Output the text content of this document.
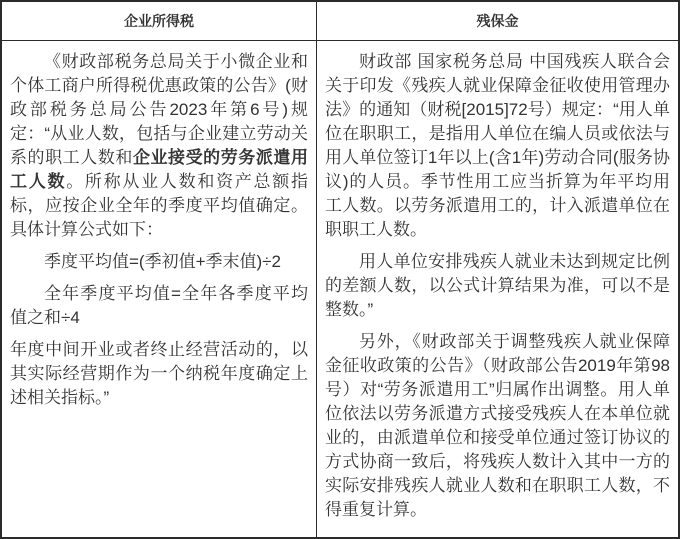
企业所得税	残保金

《财政部税务总局关于小微企业和个体工商户所得税优惠政策的公告》(财政部税务总局公告2023年第6号)规定：“从业人数，包括与企业建立劳动关系的职工人数和企业接受的劳务派遣用工人数。所称从业人数和资产总额指标，应按企业全年的季度平均值确定。具体计算公式如下：

季度平均值=(季初值+季末值)÷2

全年季度平均值=全年各季度平均值之和÷4

年度中间开业或者终止经营活动的，以其实际经营期作为一个纳税年度确定上述相关指标。”

财政部 国家税务总局 中国残疾人联合会关于印发《残疾人就业保障金征收使用管理办法》的通知（财税[2015]72号）规定：“用人单位在职职工，是指用人单位在编人员或依法与用人单位签订1年以上(含1年)劳动合同(服务协议)的人员。季节性用工应当折算为年平均用工人数。以劳务派遣用工的，计入派遣单位在职职工人数。

用人单位安排残疾人就业未达到规定比例的差额人数，以公式计算结果为准，可以不是整数。”

另外，《财政部关于调整残疾人就业保障金征收政策的公告》（财政部公告2019年第98号）对“劳务派遣用工”归属作出调整。用人单位依法以劳务派遣方式接受残疾人在本单位就业的，由派遣单位和接受单位通过签订协议的方式协商一致后，将残疾人数计入其中一方的实际安排残疾人就业人数和在职职工人数，不得重复计算。
